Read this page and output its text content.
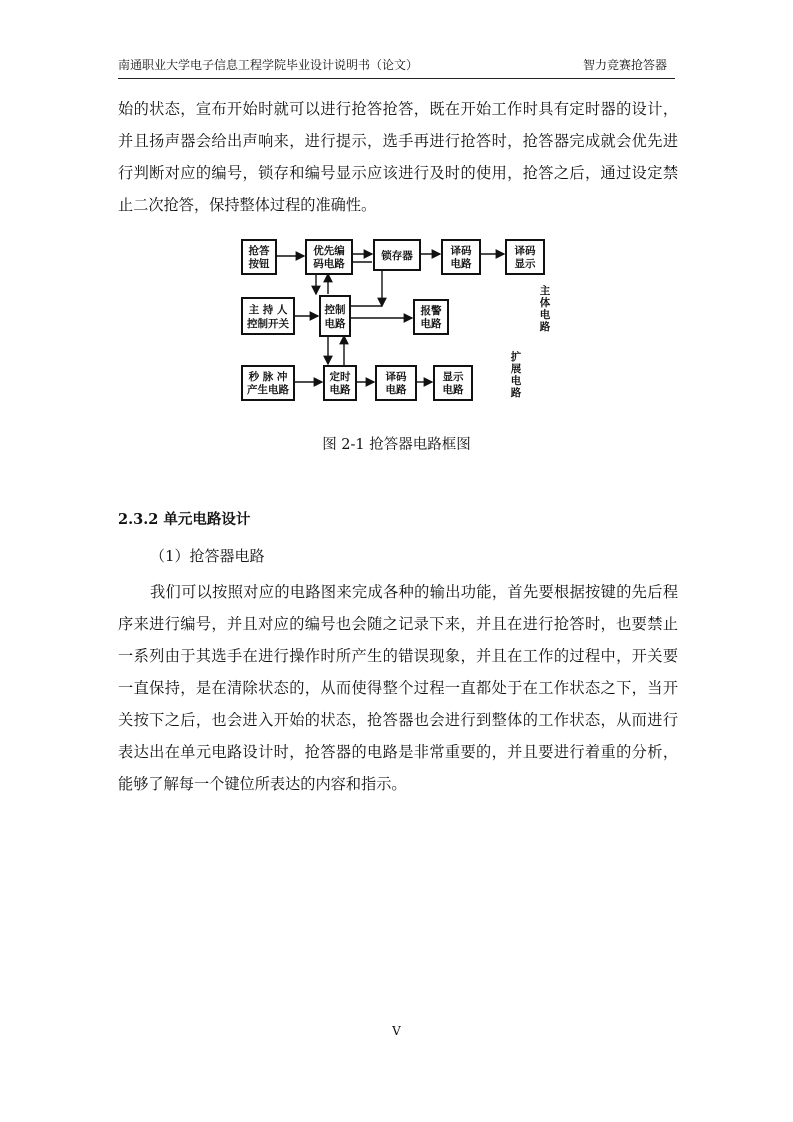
南通职业大学电子信息工程学院毕业设计说明书（论文）	智力竞赛抢答器

始的状态，宣布开始时就可以进行抢答抢答，既在开始工作时具有定时器的设计，并且扬声器会给出声响来，进行提示，选手再进行抢答时，抢答器完成就会优先进行判断对应的编号，锁存和编号显示应该进行及时的使用，抢答之后，通过设定禁止二次抢答，保持整体过程的准确性。

抢答
按钮
优先编
码电路
锁存器	译码
电路
译码
显示
主 持 人
控制开关
控制
电路
报警
电路
秒 脉 冲
产生电路
定时
电路
译码
电路
显示
电路
主
体
电
路
扩
展
电
路
图 2-1 抢答器电路框图
2.3.2 单元电路设计
（1）抢答器电路

我们可以按照对应的电路图来完成各种的输出功能，首先要根据按键的先后程序来进行编号，并且对应的编号也会随之记录下来，并且在进行抢答时，也要禁止一系列由于其选手在进行操作时所产生的错误现象，并且在工作的过程中，开关要一直保持，是在清除状态的，从而使得整个过程一直都处于在工作状态之下，当开关按下之后，也会进入开始的状态，抢答器也会进行到整体的工作状态，从而进行表达出在单元电路设计时，抢答器的电路是非常重要的，并且要进行着重的分析，能够了解每一个键位所表达的内容和指示。

V
